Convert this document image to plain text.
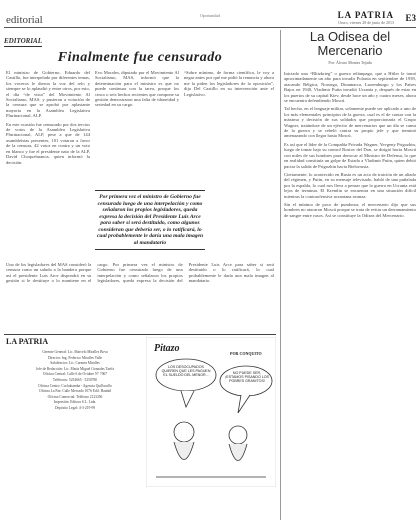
editorial	Oportunidad	LA PATRIA
Oruro, viernes 28 de junio de 2013 E3
EDITORIAL
Finalmente fue censurado

El ministro de Gobierno, Eduardo del Castillo, fue interpelado por diferentes temas, los voceros le dieron la voz del relo y siempre se lo aplaudió y entre otros, por esto, el día “de vista” del Movimiento Al Socialismo, MAS, y pusieron a votación de la censura que se aprobó por aplastante mayoría en la Asamblea Legislativa Plurinacional, ALP.

En este ocasión fue censurado por dos tercios de votos de la Asamblea Legislativa Plurinacional, ALP, pese a que de 144 asambleístas presentes, 101 votaron a favor de la censura, 42 votos en contra y un voto en blanco y fue el presidente nato de la ALP, David Choquehuanca, quien informó la decisión.

Evo Morales, diputado por el Movimiento Al Socialismo, MAS, informó que la determinación para el ministro es que no puede continuar con la tarea, porque los cinco o seis hechos recientes que compone su gestión demostraron una falta de idoneidad y seriedad en su cargo.

“Sobre mínimo, de forma científica, le voy a negar antes por qué me pidió la renuncia y ahora me la piden los legisladores de la oposición”, dijo Del Castillo en su intervención ante el Legislativo.

Por primera vez el ministro de Gobierno fue censurado luego de una interpelación y como señalaron los propios legisladores, queda expresa la decisión del Presidente Luis Arce para saber si será destituido, como algunos consideran que debería ser, o lo ratificará, lo cual probablemente le daría una mala imagen al mandatario

Uno de los legisladores del MAS consideró la censura como un saludo a la bandera porque así el presidente Luis Arce dispondrá en su gestión si le destituye o lo mantiene en el cargo. Por primera vez el ministro de Gobierno fue censurado luego de una interpelación y como señalaron los propios legisladores, queda expresa la decisión del Presidente Luis Arce para saber si será destituido o lo ratificará, lo cual probablemente le daría una mala imagen al mandatario.

LA PATRIA
Gerente General: Lic. Marcelo Miralles Bova
Director: Ing. Federico Miralles Valle
Subdirector: Lic. Carmen Miralles
Jefe de Redacción: Lic. María Miguel Gonzales Tarifa
Oficina Central: Calle 6 de Octubre N° 7067
Teléfonos: 5254665 - 5250780
Oficina Centro: Cochabamba - Agencia Quillacollo
Oficina La Paz: Calle Mercado 1076 Edif. Handal
Oficina Comercial: Teléfono 2123456
Impresión: Editora S.L. Ltda.
Depósito Legal: 4-3-219-99
Pitazo	POR CONQUITO
LOS DESOCUPADOS QUIEREN QUE LES PAGUEN EL SUELDO DEL MENOR...
NO PUEDE SER, ¡ESTAMOS PISANDO LOS POBRES GRANITOS!
La Odisea del Mercenario
Por: Álvaro Montes Tejada

Iniciado una “Blitzkrieg” o guerra relámpago, que a Hitler le tomó aproximadamente un año para invadir Polonia en septiembre de 1939, atacando Bélgica, Noruega, Dinamarca, Luxemburgo y los Países Bajos en 1940, Vladimir Putin invadió Ucrania y, después de estar en los puertos de su capital Kiev, desde hace un año y cuatro meses, ahora se encuentra defendiendo Moscú.

Tal hecho, en el lenguaje militar, solamente puede ser aplicado a uno de los más elementales principios de la guerra, cual es el de contar con la máxima y decisión de sus soldados que proporcionaría el Grupo Wagner, tratándose de un ejército de mercenarios que un día se cansa de la guerra y se rebeló contra su propio jefe y que terminó amenazando con llegar hasta Moscú.

Es así que el líder de la Compañía Privada Wagner, Yevgeny Prigozhin, luego de tomar bajo su control Rostov del Don, se dirigió hacia Moscú con miles de sus hombres para derrocar al Ministro de Defensa, lo que en realidad constituía un golpe de Estado a Vladimir Putin, quien debió pactar la salida de Prigozhin hacia Bielorrusia.

Ciertamente, lo acontecido en Rusia es un acto de traición de un aliado del régimen, y Putin, en su mensaje televisado, habló de una puñalada por la espalda, lo cual nos lleva a pensar que la guerra en Ucrania está lejos de terminar. El Kremlin se encuentra en una situación difícil mientras la contraofensiva ucraniana avanza.

Sin el mínimo de poco de pundonor, el mercenario dijo que sus hombres no atacaron Moscú porque se trata de evitar un derramamiento de sangre entre rusos. Así se constituye la Odisea del Mercenario.
